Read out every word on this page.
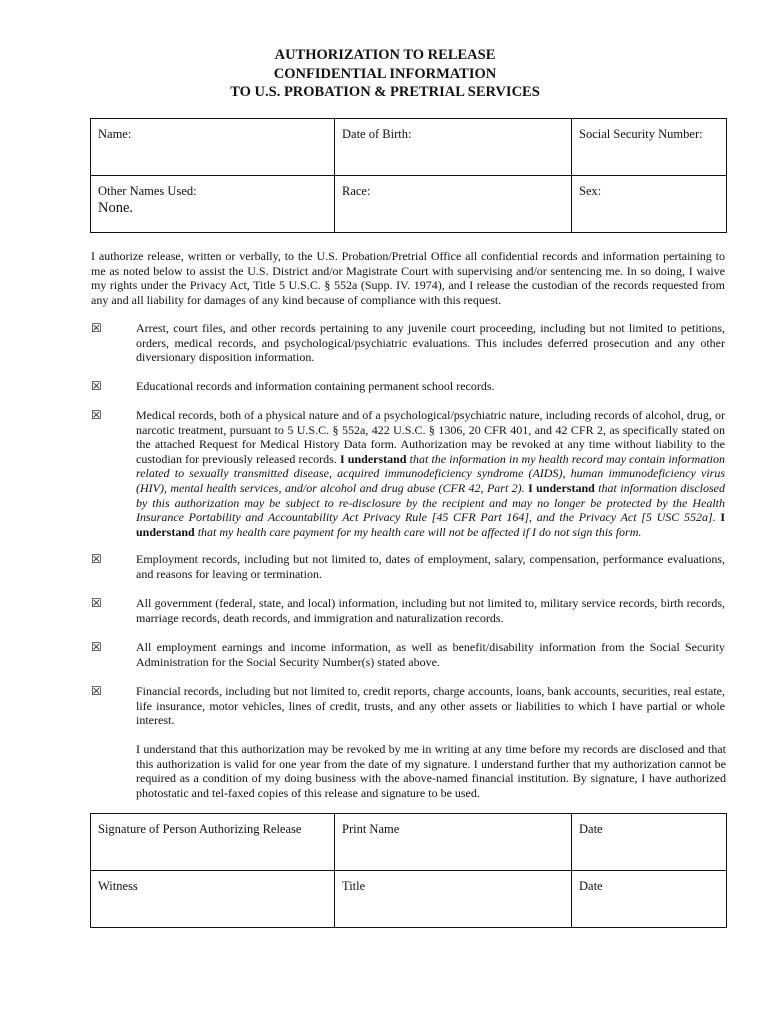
AUTHORIZATION TO RELEASE
CONFIDENTIAL INFORMATION
TO U.S. PROBATION & PRETRIAL SERVICES
Name:	Date of Birth:	Social Security Number:

Other Names Used:
None.	Race:	Sex:

I authorize release, written or verbally, to the U.S. Probation/Pretrial Office all confidential records and information pertaining to me as noted below to assist the U.S. District and/or Magistrate Court with supervising and/or sentencing me. In so doing, I waive my rights under the Privacy Act, Title 5 U.S.C. § 552a (Supp. IV. 1974), and I release the custodian of the records requested from any and all liability for damages of any kind because of compliance with this request.

☒	Arrest, court files, and other records pertaining to any juvenile court proceeding, including but not limited to petitions, orders, medical records, and psychological/psychiatric evaluations. This includes deferred prosecution and any other diversionary disposition information.

☒	Educational records and information containing permanent school records.

☒	Medical records, both of a physical nature and of a psychological/psychiatric nature, including records of alcohol, drug, or narcotic treatment, pursuant to 5 U.S.C. § 552a, 422 U.S.C. § 1306, 20 CFR 401, and 42 CFR 2, as specifically stated on the attached Request for Medical History Data form. Authorization may be revoked at any time without liability to the custodian for previously released records. I understand that the information in my health record may contain information related to sexually transmitted disease, acquired immunodeficiency syndrome (AIDS), human immunodeficiency virus (HIV), mental health services, and/or alcohol and drug abuse (CFR 42, Part 2). I understand that information disclosed by this authorization may be subject to re-disclosure by the recipient and may no longer be protected by the Health Insurance Portability and Accountability Act Privacy Rule [45 CFR Part 164], and the Privacy Act [5 USC 552a]. I understand that my health care payment for my health care will not be affected if I do not sign this form.

☒	Employment records, including but not limited to, dates of employment, salary, compensation, performance evaluations, and reasons for leaving or termination.

☒	All government (federal, state, and local) information, including but not limited to, military service records, birth records, marriage records, death records, and immigration and naturalization records.

☒	All employment earnings and income information, as well as benefit/disability information from the Social Security Administration for the Social Security Number(s) stated above.

☒	Financial records, including but not limited to, credit reports, charge accounts, loans, bank accounts, securities, real estate, life insurance, motor vehicles, lines of credit, trusts, and any other assets or liabilities to which I have partial or whole interest.

I understand that this authorization may be revoked by me in writing at any time before my records are disclosed and that this authorization is valid for one year from the date of my signature. I understand further that my authorization cannot be required as a condition of my doing business with the above-named financial institution. By signature, I have authorized photostatic and tel-faxed copies of this release and signature to be used.

Signature of Person Authorizing Release	Print Name	Date
Witness	Title	Date
